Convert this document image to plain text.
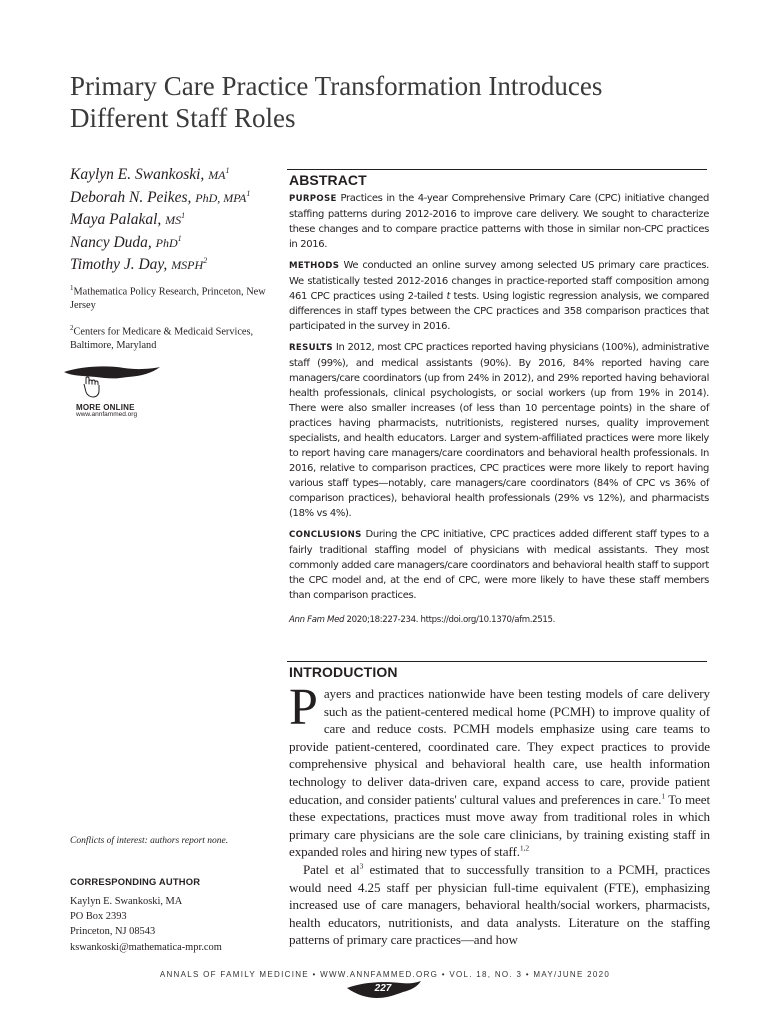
Primary Care Practice Transformation Introduces
Different Staff Roles
Kaylyn E. Swankoski, $MA^1$
Deborah N. Peikes, PhD, MPA$^1$
Maya Palakal, $MS^1$
Nancy Duda, PhD$^1$
Timothy J. Day, MSPH$^2$
$^1$Mathematica Policy Research, Princeton, New Jersey
$^2$Centers for Medicare & Medicaid Services, Baltimore, Maryland
MORE ONLINE
www.annfammed.org
ABSTRACT

PURPOSE Practices in the 4-year Comprehensive Primary Care (CPC) initiative changed staffing patterns during 2012-2016 to improve care delivery. We sought to characterize these changes and to compare practice patterns with those in similar non-CPC practices in 2016.

METHODS We conducted an online survey among selected US primary care practices. We statistically tested 2012-2016 changes in practice-reported staff composition among 461 CPC practices using 2-tailed t tests. Using logistic regression analysis, we compared differences in staff types between the CPC practices and 358 comparison practices that participated in the survey in 2016.

RESULTS In 2012, most CPC practices reported having physicians (100%), administrative staff (99%), and medical assistants (90%). By 2016, 84% reported having care managers/care coordinators (up from 24% in 2012), and 29% reported having behavioral health professionals, clinical psychologists, or social workers (up from 19% in 2014). There were also smaller increases (of less than 10 percentage points) in the share of practices having pharmacists, nutritionists, registered nurses, quality improvement specialists, and health educators. Larger and system-affiliated practices were more likely to report having care managers/care coordinators and behavioral health professionals. In 2016, relative to comparison practices, CPC practices were more likely to report having various staff types—notably, care managers/care coordinators (84% of CPC vs 36% of comparison practices), behavioral health professionals (29% vs 12%), and pharmacists (18% vs 4%).

CONCLUSIONS During the CPC initiative, CPC practices added different staff types to a fairly traditional staffing model of physicians with medical assistants. They most commonly added care managers/care coordinators and behavioral health staff to support the CPC model and, at the end of CPC, were more likely to have these staff members than comparison practices.

Ann Fam Med 2020;18:227-234. https://doi.org/10.1370/afm.2515.

INTRODUCTION

Payers and practices nationwide have been testing models of care delivery such as the patient-centered medical home (PCMH) to improve quality of care and reduce costs. PCMH models emphasize using care teams to provide patient-centered, coordinated care. They expect practices to provide comprehensive physical and behavioral health care, use health information technology to deliver data-driven care, expand access to care, provide patient education, and consider patients' cultural values and preferences in care.$^1$ To meet these expectations, practices must move away from traditional roles in which primary care physicians are the sole care clinicians, by training existing staff in expanded roles and hiring new types of staff.$^{1,2}$

Patel et $al^3$ estimated that to successfully transition to a PCMH, practices would need 4.25 staff per physician full-time equivalent (FTE), emphasizing increased use of care managers, behavioral health/social workers, pharmacists, health educators, nutritionists, and data analysts. Literature on the staffing patterns of primary care practices—and how

Conflicts of interest: authors report none.
CORRESPONDING AUTHOR
Kaylyn E. Swankoski, MA
PO Box 2393
Princeton, NJ 08543
kswankoski@mathematica-mpr.com
ANNALS OF FAMILY MEDICINE • WWW.ANNFAMMED.ORG • VOL. 18, NO. 3 • MAY/JUNE 2020
227
